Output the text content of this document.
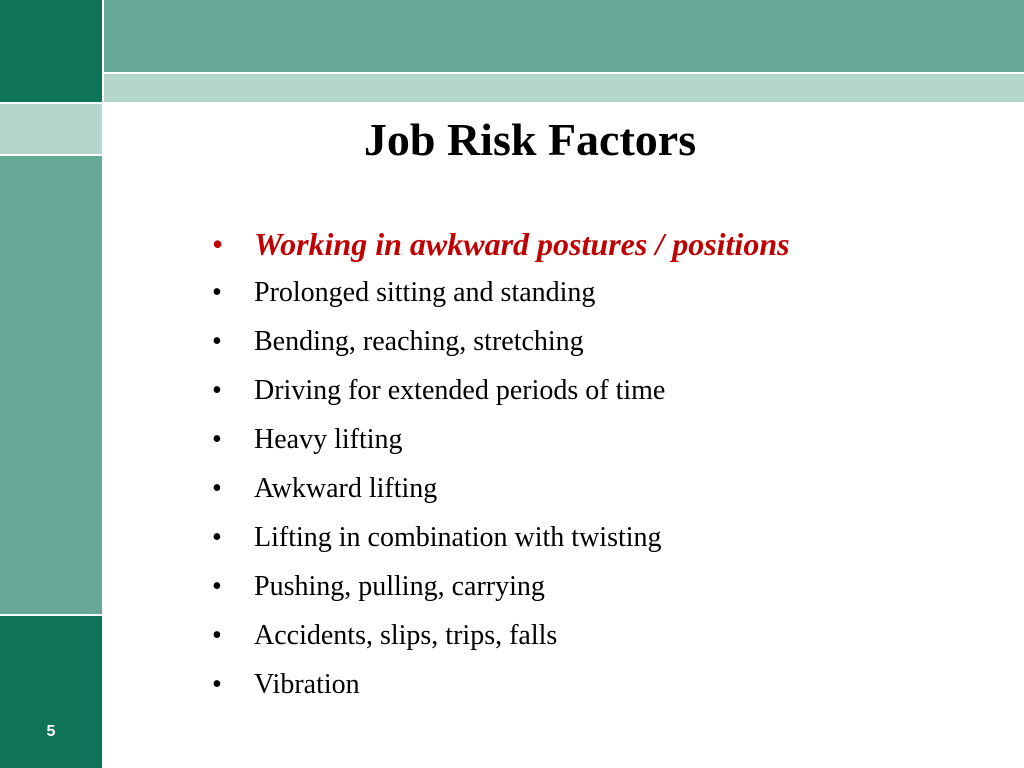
Job Risk Factors
• Working in awkward postures / positions
•	Prolonged sitting and standing
•	Bending, reaching, stretching
•	Driving for extended periods of time
•	Heavy lifting
•	Awkward lifting
•	Lifting in combination with twisting
•	Pushing, pulling, carrying
•	Accidents, slips, trips, falls
•	Vibration
5
